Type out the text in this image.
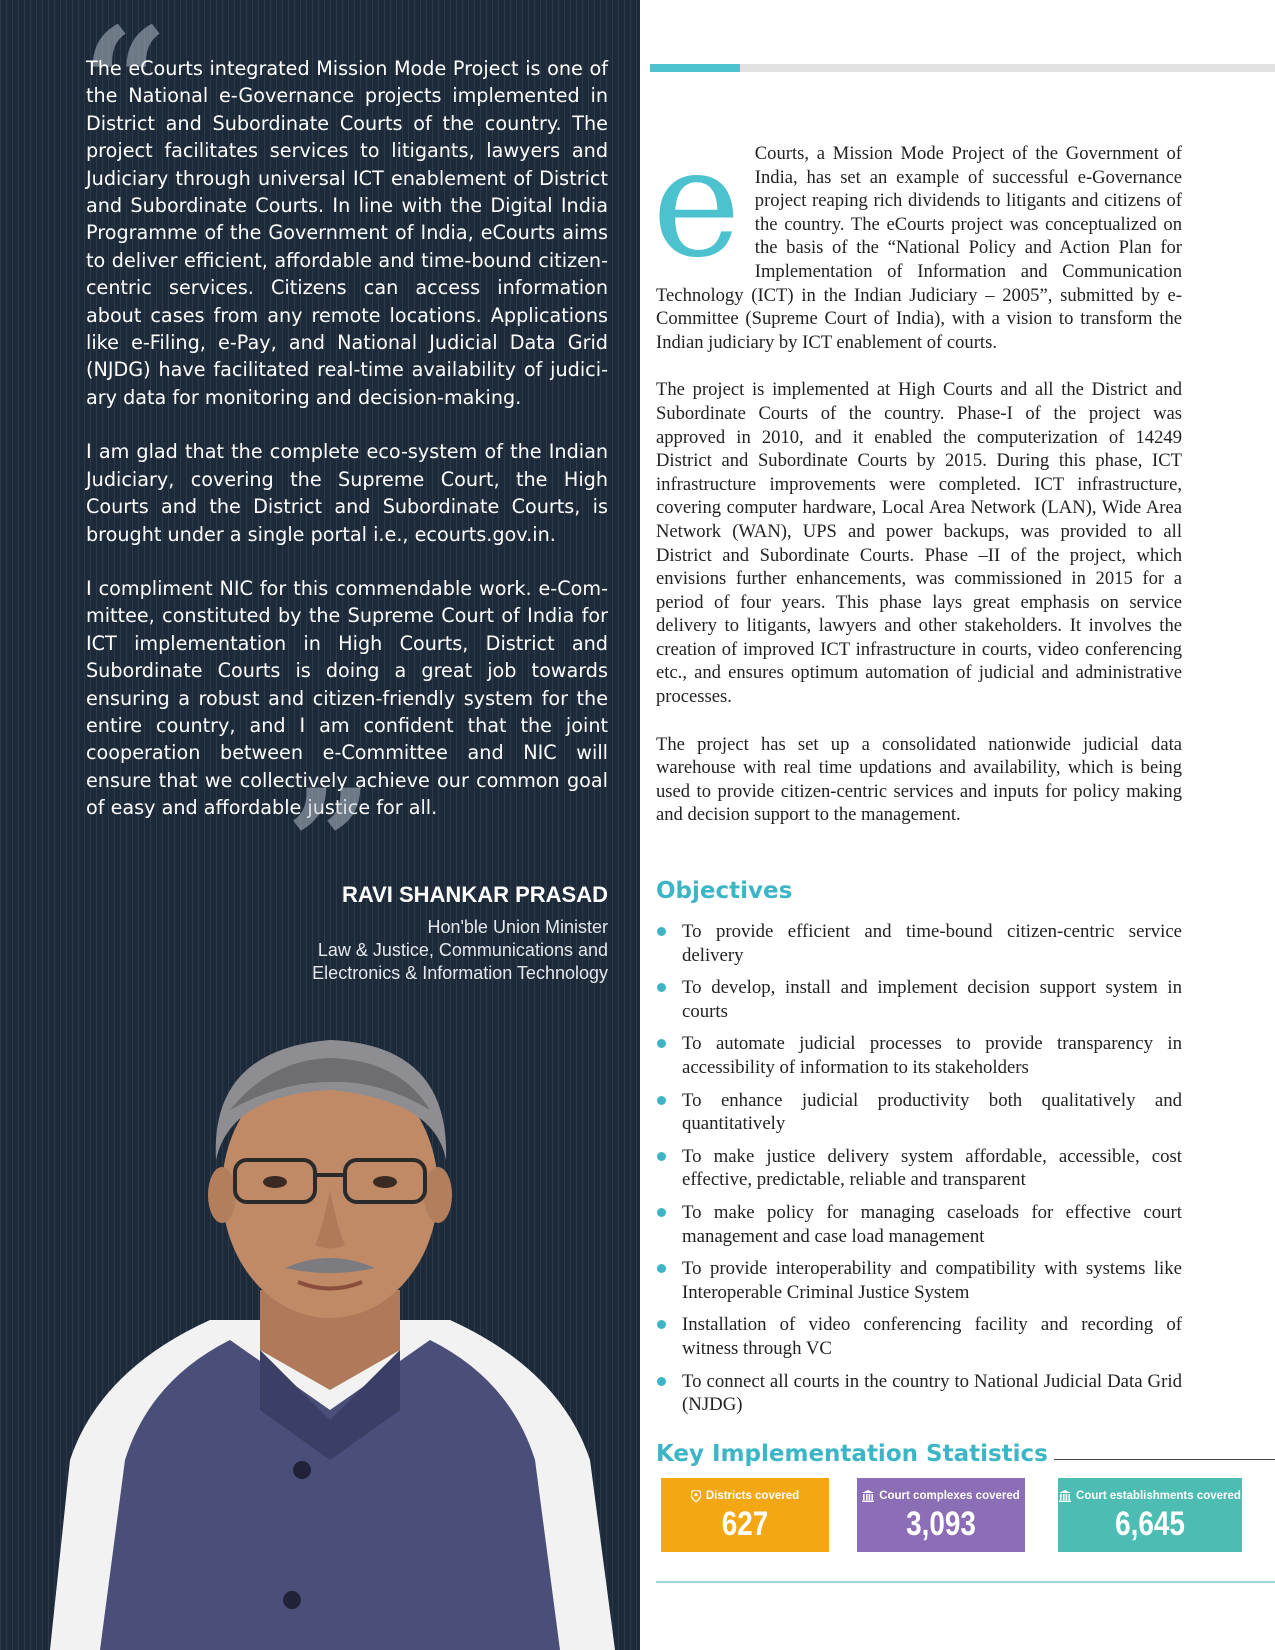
“

The eCourts integrated Mission Mode Project is one of the National e-Governance projects implemented in District and Subordinate Courts of the country. The project facilitates services to litigants, lawyers and Judiciary through universal ICT enablement of District and Subordinate Courts. In line with the Digital India Programme of the Government of India, eCourts aims to deliver efficient, affordable and time-bound citizen-centric services. Citizens can access information about cases from any remote locations. Applications like e-Filing, e-Pay, and National Judicial Data Grid (NJDG) have facilitated real-time availability of judiciary data for monitoring and decision-making.

I am glad that the complete eco-system of the Indian Judiciary, covering the Supreme Court, the High Courts and the District and Subordinate Courts, is brought under a single portal i.e., ecourts.gov.in.

I compliment NIC for this commendable work. e-Committee, constituted by the Supreme Court of India for ICT implementation in High Courts, District and Subordinate Courts is doing a great job towards ensuring a robust and citizen-friendly system for the entire country, and I am confident that the joint cooperation between e-Committee and NIC will ensure that we collectively achieve our common goal of easy and affordable justice for all.

”
RAVI SHANKAR PRASAD
Hon'ble Union Minister
Law & Justice, Communications and
Electronics & Information Technology
e Courts, a Mission Mode Project of the Government of India, has set an example of successful e-Governance project reaping rich dividends to litigants and citizens of the country. The eCourts project was conceptualized on the basis of the “National Policy and Action Plan for Implementation of Information and Communication Technology (ICT) in the Indian Judiciary – 2005”, submitted by e-Committee (Supreme Court of India), with a vision to transform the Indian judiciary by ICT enablement of courts.

The project is implemented at High Courts and all the District and Subordinate Courts of the country. Phase-I of the project was approved in 2010, and it enabled the computerization of 14249 District and Subordinate Courts by 2015. During this phase, ICT infrastructure improvements were completed. ICT infrastructure, covering computer hardware, Local Area Network (LAN), Wide Area Network (WAN), UPS and power backups, was provided to all District and Subordinate Courts. Phase –II of the project, which envisions further enhancements, was commissioned in 2015 for a period of four years. This phase lays great emphasis on service delivery to litigants, lawyers and other stakeholders. It involves the creation of improved ICT infrastructure in courts, video conferencing etc., and ensures optimum automation of judicial and administrative processes.

The project has set up a consolidated nationwide judicial data warehouse with real time updations and availability, which is being used to provide citizen-centric services and inputs for policy making and decision support to the management.

Objectives
To provide efficient and time-bound citizen-centric service delivery
To develop, install and implement decision support system in courts
To automate judicial processes to provide transparency in accessibility of information to its stakeholders
To enhance judicial productivity both qualitatively and quantitatively
To make justice delivery system affordable, accessible, cost effective, predictable, reliable and transparent
To make policy for managing caseloads for effective court management and case load management
To provide interoperability and compatibility with systems like Interoperable Criminal Justice System
Installation of video conferencing facility and recording of witness through VC
To connect all courts in the country to National Judicial Data Grid (NJDG)
Key Implementation Statistics
Districts covered
627
Court complexes covered
3,093
Court establishments covered
6,645
